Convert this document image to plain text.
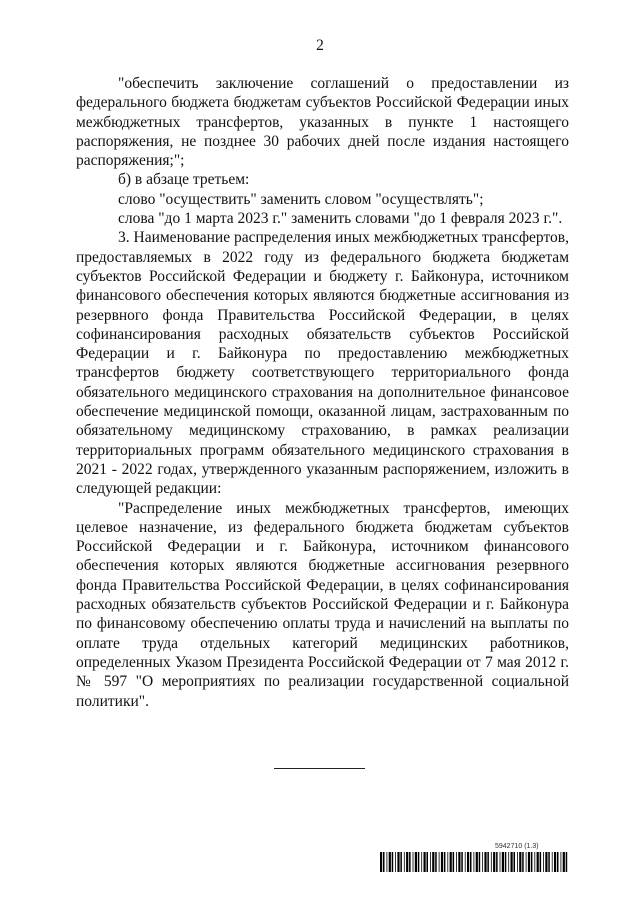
2

"обеспечить заключение соглашений о предоставлении из федерального бюджета бюджетам субъектов Российской Федерации иных межбюджетных трансфертов, указанных в пункте 1 настоящего распоряжения, не позднее 30 рабочих дней после издания настоящего распоряжения;";

б) в абзаце третьем:

слово "осуществить" заменить словом "осуществлять";

слова "до 1 марта 2023 г." заменить словами "до 1 февраля 2023 г.".

3. Наименование распределения иных межбюджетных трансфертов, предоставляемых в 2022 году из федерального бюджета бюджетам субъектов Российской Федерации и бюджету г. Байконура, источником финансового обеспечения которых являются бюджетные ассигнования из резервного фонда Правительства Российской Федерации, в целях софинансирования расходных обязательств субъектов Российской Федерации и г. Байконура по предоставлению межбюджетных трансфертов бюджету соответствующего территориального фонда обязательного медицинского страхования на дополнительное финансовое обеспечение медицинской помощи, оказанной лицам, застрахованным по обязательному медицинскому страхованию, в рамках реализации территориальных программ обязательного медицинского страхования в 2021 - 2022 годах, утвержденного указанным распоряжением, изложить в следующей редакции:

"Распределение иных межбюджетных трансфертов, имеющих целевое назначение, из федерального бюджета бюджетам субъектов Российской Федерации и г. Байконура, источником финансового обеспечения которых являются бюджетные ассигнования резервного фонда Правительства Российской Федерации, в целях софинансирования расходных обязательств субъектов Российской Федерации и г. Байконура по финансовому обеспечению оплаты труда и начислений на выплаты по оплате труда отдельных категорий медицинских работников, определенных Указом Президента Российской Федерации от 7 мая 2012 г. № 597 "О мероприятиях по реализации государственной социальной политики".

5942710 (1.3)
